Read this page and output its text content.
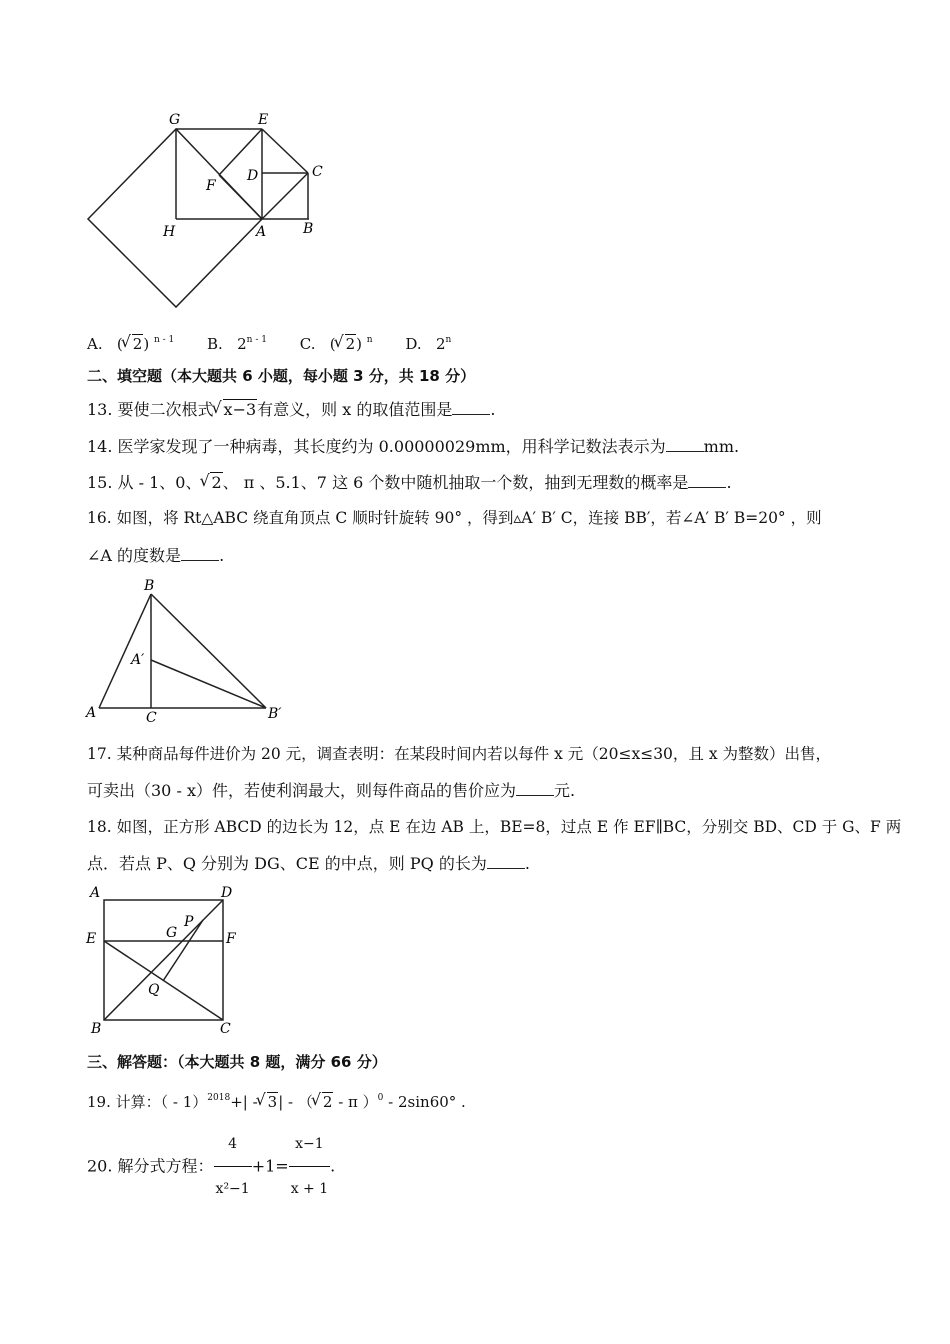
G	E
D	C
F
H	A	B
A.   ( √ 2) $^{n - 1}$ B. 2$^{n - 1}$ C.   ( √ 2) $^n$ D. 2$^n$
二、填空题（本大题共 6 小题，每小题 3 分，共 18 分）
13. 要使二次根式 √ x−3有意义，则 x 的取值范围是 .
14. 医学家发现了一种病毒，其长度约为 0.00000029mm，用科学记数法表示为 mm.
15. 从 - 1、0、 √ 2、 π 、5.1、7 这 6 个数中随机抽取一个数，抽到无理数的概率是 .
16. 如图，将 Rt△ABC 绕直角顶点 C 顺时针旋转 90° ，得到▵A′ B′ C，连接 BB′，若∠A′ B′ B=20° ，则
∠A 的度数是 .
B
A′
A	C	B′
17. 某种商品每件进价为 20 元，调查表明：在某段时间内若以每件 x 元（20≤x≤30，且 x 为整数）出售，
可卖出（30 - x）件，若使利润最大，则每件商品的售价应为 元.
18. 如图，正方形 ABCD 的边长为 12，点 E 在边 AB 上，BE=8，过点 E 作 EF∥BC，分别交 BD、CD 于 G、F 两
点．若点 P、Q 分别为 DG、CE 的中点，则 PQ 的长为 .
A	D
E	G
P
F
Q
B	C
三、解答题：（本大题共 8 题，满分 66 分）
19. 计算：（ - 1）$^{2018}$+| - √ 3| - （ √ 2 - π ）$^0$ - 2sin60° .
20. 解分式方程： $\frac{4}{\text{x²−1}} +1= \frac{x-1}{x + 1}$ .
